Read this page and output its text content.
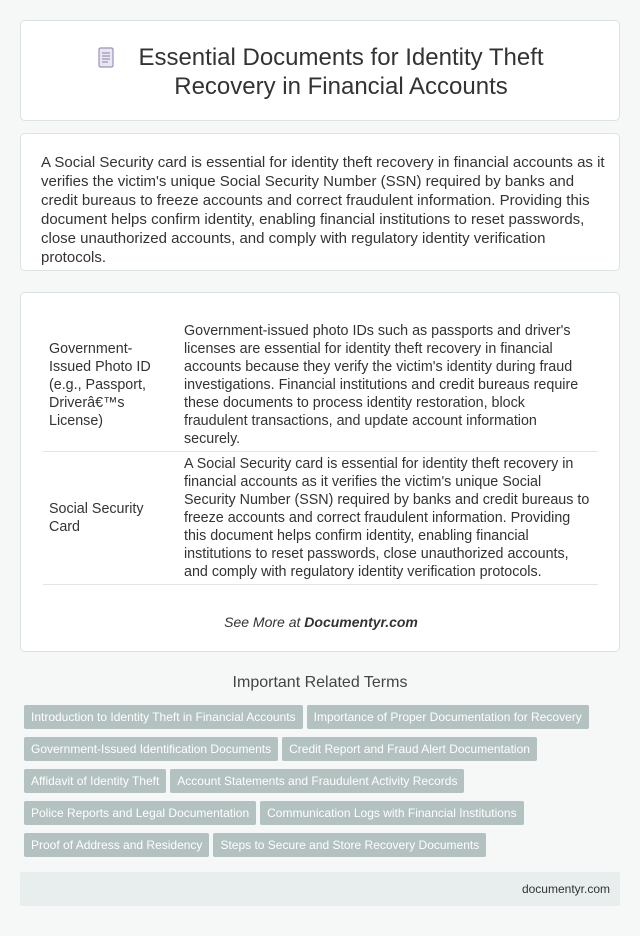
Essential Documents for Identity Theft Recovery in Financial Accounts

A Social Security card is essential for identity theft recovery in financial accounts as it verifies the victim's unique Social Security Number (SSN) required by banks and credit bureaus to freeze accounts and correct fraudulent information. Providing this document helps confirm identity, enabling financial institutions to reset passwords, close unauthorized accounts, and comply with regulatory identity verification protocols.

Government-Issued Photo ID (e.g., Passport, Driverâ€™s License)	Government-issued photo IDs such as passports and driver's licenses are essential for identity theft recovery in financial accounts because they verify the victim's identity during fraud investigations. Financial institutions and credit bureaus require these documents to process identity restoration, block fraudulent transactions, and update account information securely.
Social Security Card	A Social Security card is essential for identity theft recovery in financial accounts as it verifies the victim's unique Social Security Number (SSN) required by banks and credit bureaus to freeze accounts and correct fraudulent information. Providing this document helps confirm identity, enabling financial institutions to reset passwords, close unauthorized accounts, and comply with regulatory identity verification protocols.
See More at Documentyr.com
Important Related Terms
Introduction to Identity Theft in Financial Accounts Importance of Proper Documentation for Recovery
Government-Issued Identification Documents Credit Report and Fraud Alert Documentation
Affidavit of Identity Theft Account Statements and Fraudulent Activity Records
Police Reports and Legal Documentation Communication Logs with Financial Institutions
Proof of Address and Residency Steps to Secure and Store Recovery Documents
documentyr.com
